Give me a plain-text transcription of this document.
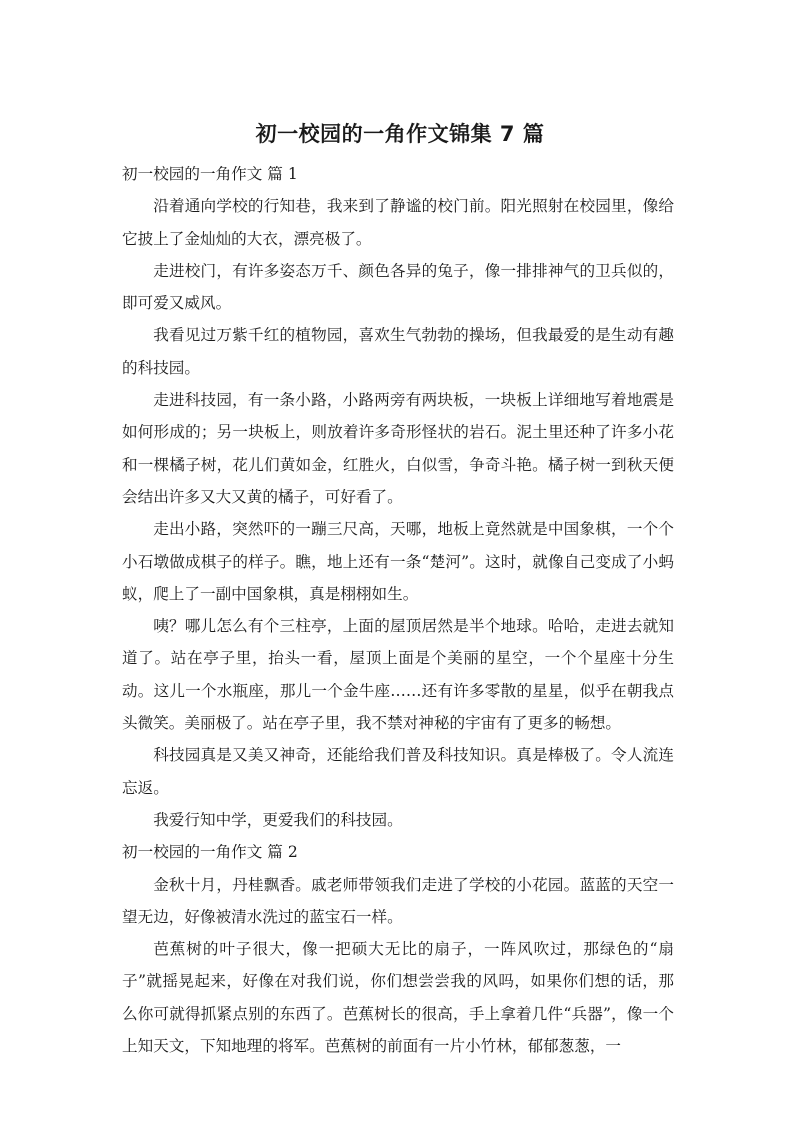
初一校园的一角作文锦集 7 篇

初一校园的一角作文 篇 1

沿着通向学校的行知巷，我来到了静谧的校门前。阳光照射在校园里，像给它披上了金灿灿的大衣，漂亮极了。

走进校门，有许多姿态万千、颜色各异的兔子，像一排排神气的卫兵似的，即可爱又威风。

我看见过万紫千红的植物园，喜欢生气勃勃的操场，但我最爱的是生动有趣的科技园。

走进科技园，有一条小路，小路两旁有两块板，一块板上详细地写着地震是如何形成的；另一块板上，则放着许多奇形怪状的岩石。泥土里还种了许多小花和一棵橘子树，花儿们黄如金，红胜火，白似雪，争奇斗艳。橘子树一到秋天便会结出许多又大又黄的橘子，可好看了。

走出小路，突然吓的一蹦三尺高，天哪，地板上竟然就是中国象棋，一个个小石墩做成棋子的样子。瞧，地上还有一条“楚河”。这时，就像自己变成了小蚂蚁，爬上了一副中国象棋，真是栩栩如生。

咦？哪儿怎么有个三柱亭，上面的屋顶居然是半个地球。哈哈，走进去就知道了。站在亭子里，抬头一看，屋顶上面是个美丽的星空，一个个星座十分生动。这儿一个水瓶座，那儿一个金牛座……还有许多零散的星星，似乎在朝我点头微笑。美丽极了。站在亭子里，我不禁对神秘的宇宙有了更多的畅想。

科技园真是又美又神奇，还能给我们普及科技知识。真是棒极了。令人流连忘返。

我爱行知中学，更爱我们的科技园。

初一校园的一角作文 篇 2

金秋十月，丹桂飘香。戚老师带领我们走进了学校的小花园。蓝蓝的天空一望无边，好像被清水洗过的蓝宝石一样。

芭蕉树的叶子很大，像一把硕大无比的扇子，一阵风吹过，那绿色的“扇子”就摇晃起来，好像在对我们说，你们想尝尝我的风吗，如果你们想的话，那么你可就得抓紧点别的东西了。芭蕉树长的很高，手上拿着几件“兵器”，像一个上知天文，下知地理的将军。芭蕉树的前面有一片小竹林，郁郁葱葱，一
